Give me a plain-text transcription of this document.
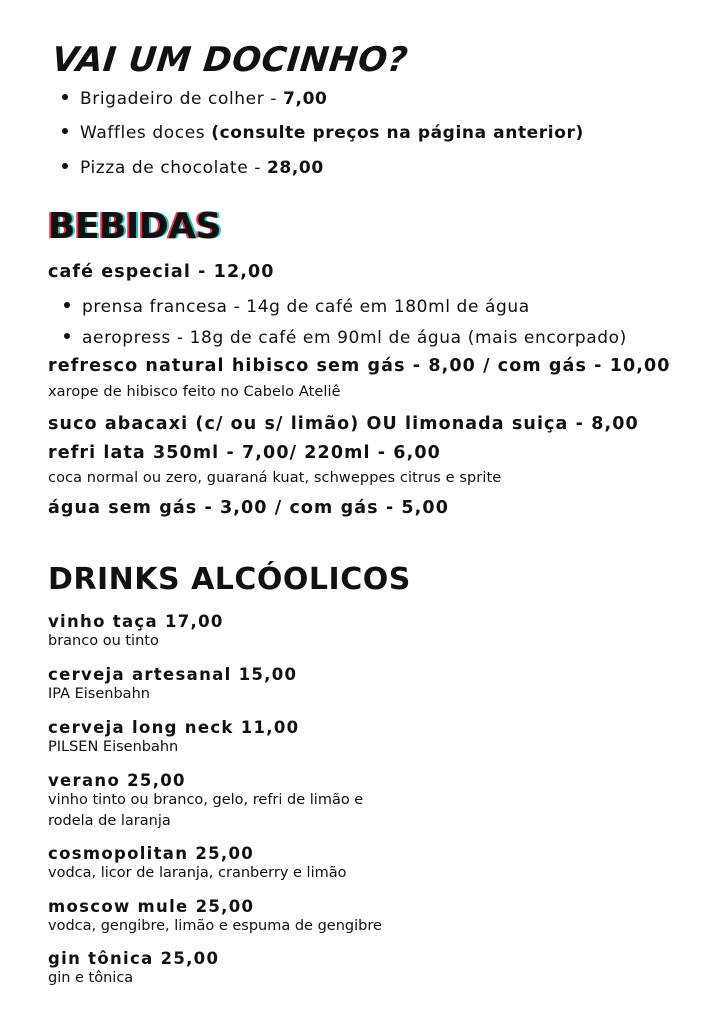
VAI UM DOCINHO?
Brigadeiro de colher - 7,00
Waffles doces (consulte preços na página anterior)
Pizza de chocolate - 28,00
BEBIDAS
café especial - 12,00
prensa francesa - 14g de café em 180ml de água
aeropress - 18g de café em 90ml de água (mais encorpado)
refresco natural hibisco sem gás - 8,00 / com gás - 10,00
xarope de hibisco feito no Cabelo Ateliê
suco abacaxi (c/ ou s/ limão) OU limonada suiça - 8,00
refri lata 350ml - 7,00/ 220ml - 6,00
coca normal ou zero, guaraná kuat, schweppes citrus e sprite
água sem gás - 3,00 / com gás - 5,00
DRINKS ALCÓOLICOS
vinho taça 17,00
branco ou tinto
cerveja artesanal 15,00
IPA Eisenbahn
cerveja long neck 11,00
PILSEN Eisenbahn
verano 25,00
vinho tinto ou branco, gelo, refri de limão e rodela de laranja
cosmopolitan 25,00
vodca, licor de laranja, cranberry e limão
moscow mule 25,00
vodca, gengibre, limão e espuma de gengibre
gin tônica 25,00
gin e tônica
